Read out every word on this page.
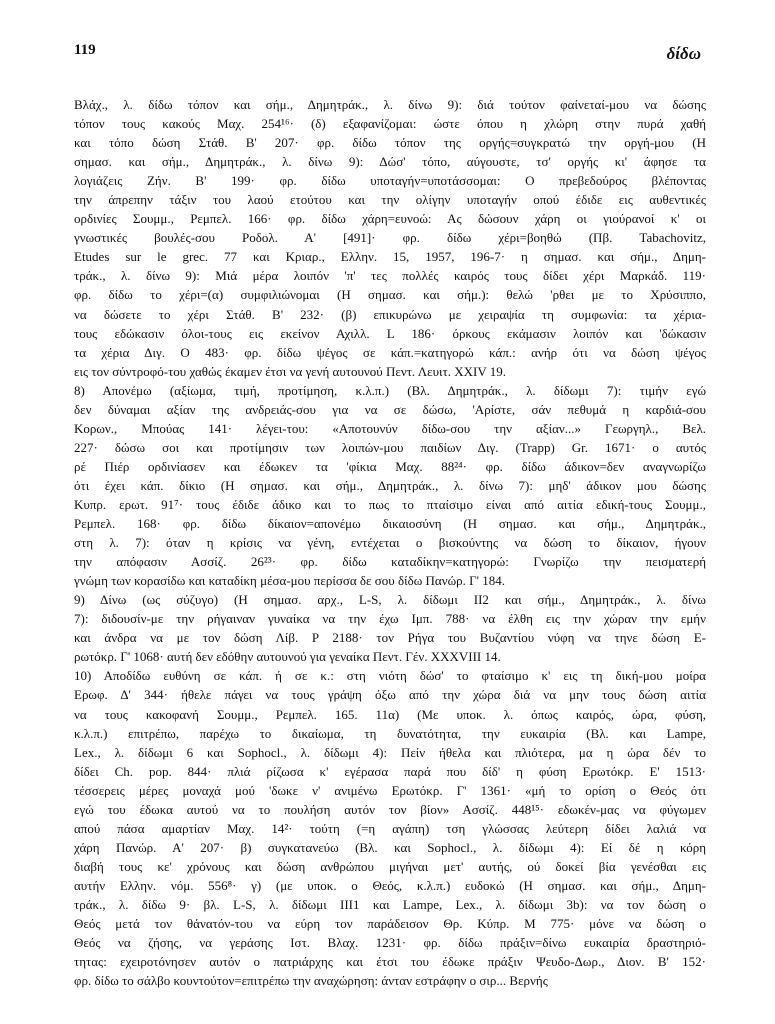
119	δίδω
Βλάχ., λ. δίδω τόπον και σήμ., Δημητράκ., λ. δίνω 9): διά τούτον φαίνεταί-μου να δώσης
τόπον τους κακούς Μαχ. 254¹⁶· (δ) εξαφανίζομαι: ώστε όπου η χλώρη στην πυρά χαθή
και τόπο δώση Στάθ. Β' 207· φρ. δίδω τόπον της οργής=συγκρατώ την οργή-μου (Η
σημασ. και σήμ., Δημητράκ., λ. δίνω 9): Δώσ' τόπο, αύγουστε, τσ' οργής κι' άφησε τα
λογιάζεις Ζήν. Β' 199· φρ. δίδω υποταγήν=υποτάσσομαι: Ο πρεβεδούρος βλέποντας
την άπρεπην τάξιν του λαού ετούτου και την ολίγην υποταγήν οπού έδιδε εις αυθεντικές
ορδινίες Σουμμ., Ρεμπελ. 166· φρ. δίδω χάρη=ευνοώ: Ας δώσουν χάρη οι γιούρανοί κ' οι
γνωστικές βουλές-σου Ροδολ. Α' [491]· φρ. δίδω χέρι=βοηθώ (Πβ. Tabachovitz,
Etudes sur le grec. 77 και Κριαρ., Ελλην. 15, 1957, 196-7· η σημασ. και σήμ., Δημη-
τράκ., λ. δίνω 9): Μιά μέρα λοιπόν 'π' τες πολλές καιρός τους δίδει χέρι Μαρκάδ. 119·
φρ. δίδω το χέρι=(α) συμφιλιώνομαι (Η σημασ. και σήμ.): θελώ 'ρθει με το Χρύσιππο,
να δώσετε το χέρι Στάθ. Β' 232· (β) επικυρώνω με χειραψία τη συμφωνία: τα χέρια-
τους εδώκασιν όλοι-τους εις εκείνον Αχιλλ. L 186· όρκους εκάμασιν λοιπόν και 'δώκασιν
τα χέρια Διγ. Ο 483· φρ. δίδω ψέγος σε κάπ.=κατηγορώ κάπ.: ανήρ ότι να δώση ψέγος
εις τον σύντροφό-του χαθώς έκαμεν έτσι να γενή αυτουνού Πεντ. Λευιτ. XXIV 19.
8) Απονέμω (αξίωμα, τιμή, προτίμηση, κ.λ.π.) (Βλ. Δημητράκ., λ. δίδωμι 7): τιμήν εγώ
δεν δύναμαι αξίαν της ανδρειάς-σου για να σε δώσω, 'Αρίστε, σάν πεθυμά η καρδιά-σου
Κορων., Μπούας 141· λέγει-του: «Αποτουνύν δίδω-σου την αξίαν...» Γεωργηλ., Βελ.
227· δώσω σοι και προτίμησιν των λοιπών-μου παιδίων Διγ. (Trapp) Gr. 1671· ο αυτός
ρέ Πιέρ ορδινίασεν και έδωκεν τα 'φίκια Μαχ. 88²⁴· φρ. δίδω άδικον=δεν αναγνωρίζω
ότι έχει κάπ. δίκιο (Η σημασ. και σήμ., Δημητράκ., λ. δίνω 7): μηδ' άδικον μου δώσης
Κυπρ. ερωτ. 91⁷· τους έδιδε άδικο και το πως το πταίσιμο είναι από αιτία εδική-τους Σουμμ.,
Ρεμπελ. 168· φρ. δίδω δίκαιον=απονέμω δικαιοσύνη (Η σημασ. και σήμ., Δημητράκ.,
στη λ. 7): όταν η κρίσις να γένη, εντέχεται ο βισκούντης να δώση το δίκαιον, ήγουν
την απόφασιν Ασσίζ. 26²³· φρ. δίδω καταδίκην=κατηγορώ: Γνωρίζω την πεισματερή
γνώμη των κορασίδω και καταδίκη μέσα-μου περίσσα δε σου δίδω Πανώρ. Γ' 184.
9) Δίνω (ως σύζυγο) (Η σημασ. αρχ., L-S, λ. δίδωμι ΙΙ2 και σήμ., Δημητράκ., λ. δίνω
7): διδουσίν-με την ρήγαιναν γυναίκα να την έχω Ιμπ. 788· να έλθη εις την χώραν την εμήν
και άνδρα να με τον δώση Λίβ. P 2188· τον Ρήγα του Βυζαντίου νύφη να τηνε δώση Ε-
ρωτόκρ. Γ' 1068· αυτή δεν εδόθην αυτουνού για γεναίκα Πεντ. Γέν. XXXVIII 14.
10) Αποδίδω ευθύνη σε κάπ. ή σε κ.: στη νιότη δώσ' το φταίσιμο κ' εις τη δική-μου μοίρα
Ερωφ. Δ' 344· ήθελε πάγει να τους γράψη όξω από την χώρα διά να μην τους δώση αιτία
να τους κακοφανή Σουμμ., Ρεμπελ. 165. 11α) (Με υποκ. λ. όπως καιρός, ώρα, φύση,
κ.λ.π.) επιτρέπω, παρέχω το δικαίωμα, τη δυνατότητα, την ευκαιρία (Βλ. και Lampe,
Lex., λ. δίδωμι 6 και Sophocl., λ. δίδωμι 4): Πείν ήθελα και πλιότερα, μα η ώρα δέν το
δίδει Ch. pop. 844· πλιά ρίζωσα κ' εγέρασα παρά που δίδ' η φύση Ερωτόκρ. Ε' 1513·
τέσσερεις μέρες μοναχά μού 'δωκε ν' ανιμένω Ερωτόκρ. Γ' 1361· «μή το ορίση ο Θεός ότι
εγώ του έδωκα αυτού να το πουλήση αυτόν τον βίον» Ασσίζ. 448¹⁵· εδωκέν-μας να φύγωμεν
απού πάσα αμαρτίαν Μαχ. 14²· τούτη (=η αγάπη) τση γλώσσας λεύτερη δίδει λαλιά να
χάρη Πανώρ. Α' 207· β) συγκατανεύω (Βλ. και Sophocl., λ. δίδωμι 4): Εί δέ η κόρη
διαβή τους κε' χρόνους και δώση ανθρώπου μιγήναι μετ' αυτής, ού δοκεί βία γενέσθαι εις
αυτήν Ελλην. νόμ. 556⁸· γ) (με υποκ. ο Θεός, κ.λ.π.) ευδοκώ (Η σημασ. και σήμ., Δημη-
τράκ., λ. δίδω 9· βλ. L-S, λ. δίδωμι ΙΙΙ1 και Lampe, Lex., λ. δίδωμι 3b): να τον δώση ο
Θεός μετά τον θάνατόν-του να εύρη τον παράδεισον Θρ. Κύπρ. Μ 775· μόνε να δώση ο
Θεός να ζήσης, να γεράσης Ιστ. Βλαχ. 1231· φρ. δίδω πράξιν=δίνω ευκαιρία δραστηριό-
τητας: εχειροτόνησεν αυτόν ο πατριάρχης και έτσι του έδωκε πράξιν Ψευδο-Δωρ., Διον. Β' 152·
φρ. δίδω το σάλβο κουντούτον=επιτρέπω την αναχώρηση: άνταν εστράφην ο σιρ... Βερνής
